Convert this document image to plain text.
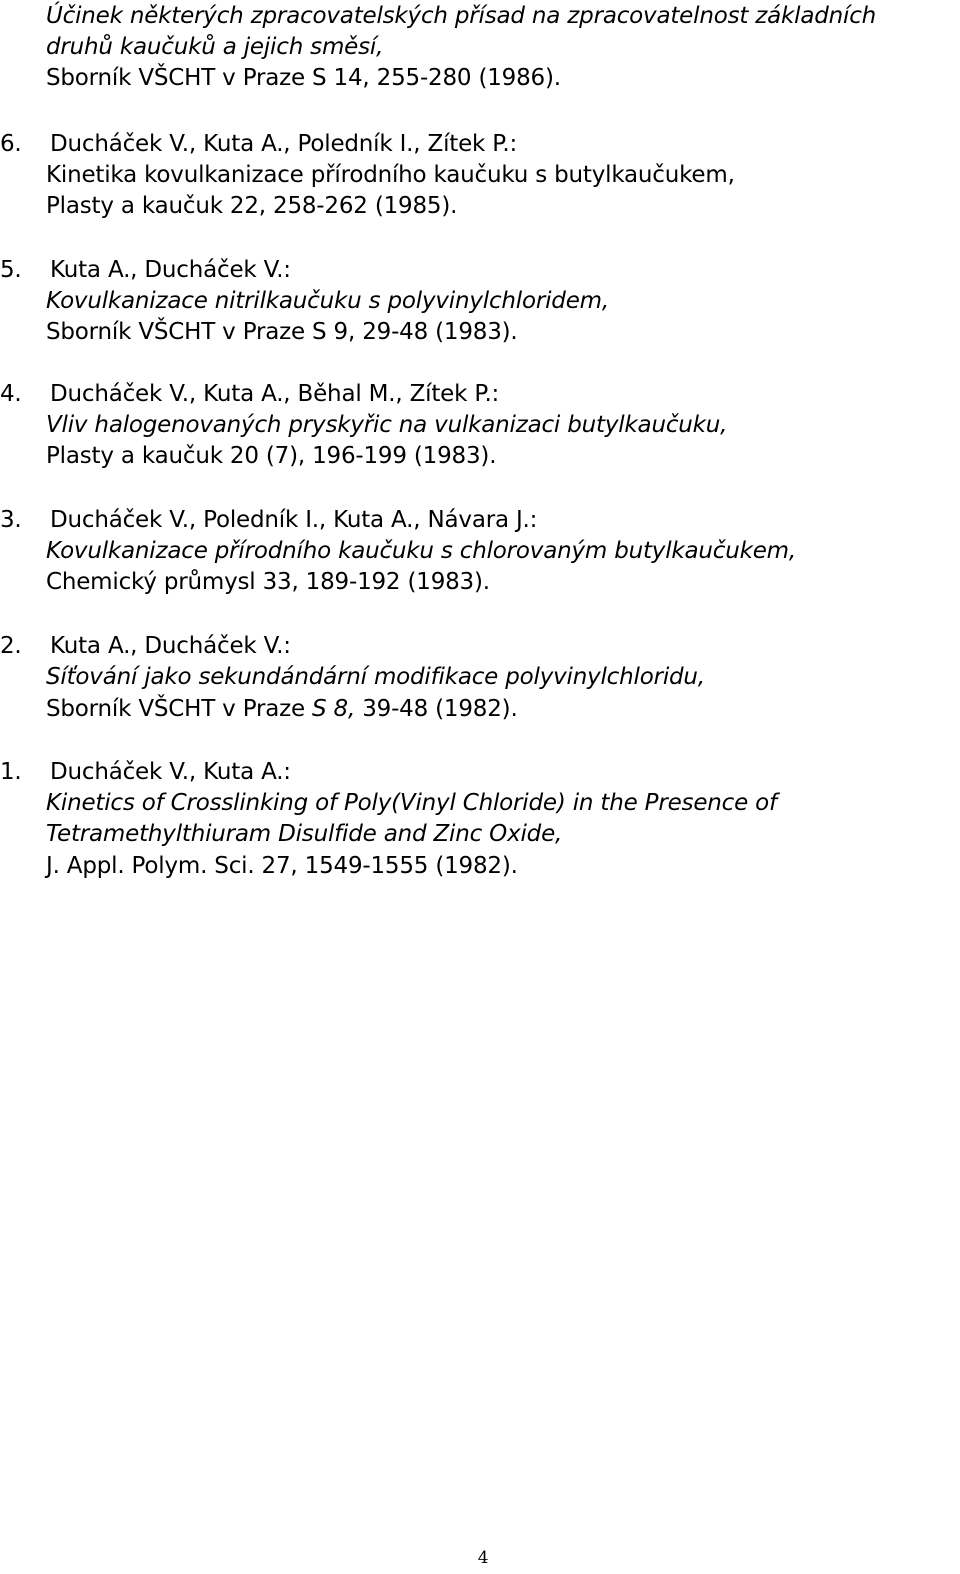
Účinek některých zpracovatelských přísad na zpracovatelnost základních
druhů kaučuků a jejich směsí,
Sborník VŠCHT v Praze S 14, 255-280 (1986).
6. Ducháček V., Kuta A., Poledník I., Zítek P.:
Kinetika kovulkanizace přírodního kaučuku s butylkaučukem,
Plasty a kaučuk 22, 258-262 (1985).
5. Kuta A., Ducháček V.:
Kovulkanizace nitrilkaučuku s polyvinylchloridem,
Sborník VŠCHT v Praze S 9, 29-48 (1983).
4. Ducháček V., Kuta A., Běhal M., Zítek P.:
Vliv halogenovaných pryskyřic na vulkanizaci butylkaučuku,
Plasty a kaučuk 20 (7), 196-199 (1983).
3. Ducháček V., Poledník I., Kuta A., Návara J.:
Kovulkanizace přírodního kaučuku s chlorovaným butylkaučukem,
Chemický průmysl 33, 189-192 (1983).
2. Kuta A., Ducháček V.:
Síťování jako sekundándární modifikace polyvinylchloridu,
Sborník VŠCHT v Praze S 8, 39-48 (1982).
1. Ducháček V., Kuta A.:
Kinetics of Crosslinking of Poly(Vinyl Chloride) in the Presence of
Tetramethylthiuram Disulfide and Zinc Oxide,
J. Appl. Polym. Sci. 27, 1549-1555 (1982).
4
